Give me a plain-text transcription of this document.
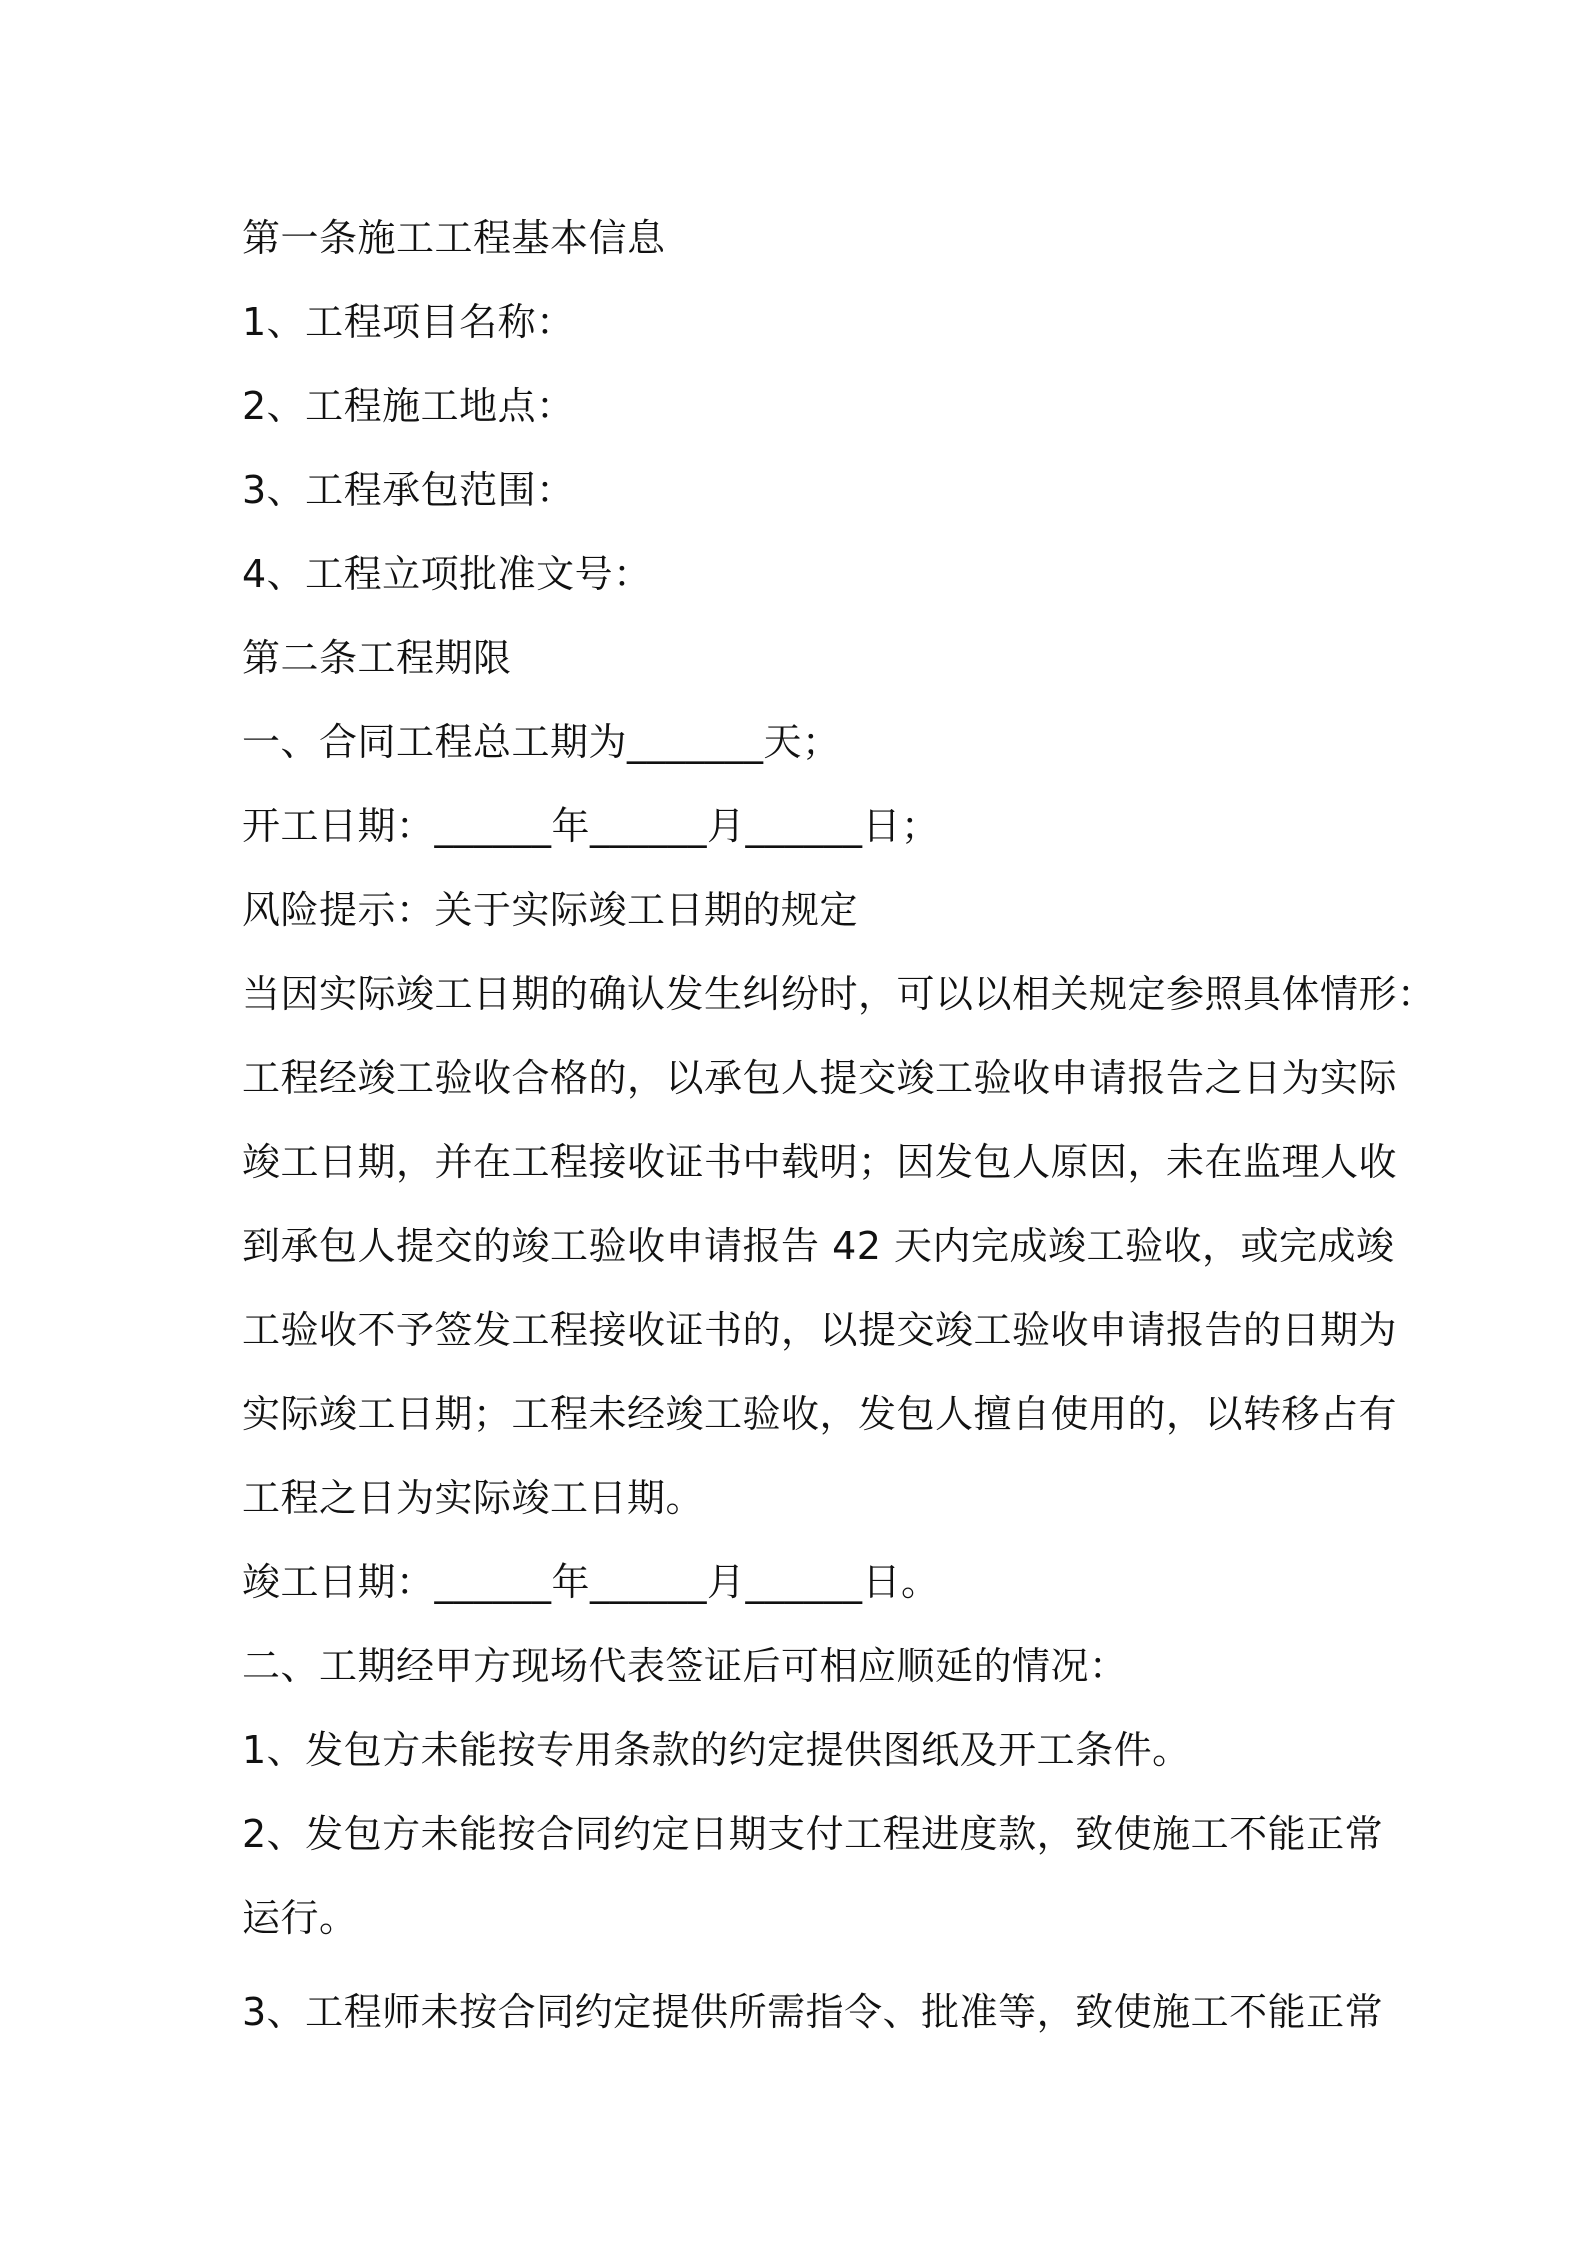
第一条施工工程基本信息
1、工程项目名称：
2、工程施工地点：
3、工程承包范围：
4、工程立项批准文号：
第二条工程期限
一、合同工程总工期为_______天；
开工日期：______年______月______日；
风险提示：关于实际竣工日期的规定
当因实际竣工日期的确认发生纠纷时，可以以相关规定参照具体情形：
工程经竣工验收合格的，以承包人提交竣工验收申请报告之日为实际
竣工日期，并在工程接收证书中载明；因发包人原因，未在监理人收
到承包人提交的竣工验收申请报告 42 天内完成竣工验收，或完成竣
工验收不予签发工程接收证书的，以提交竣工验收申请报告的日期为
实际竣工日期；工程未经竣工验收，发包人擅自使用的，以转移占有
工程之日为实际竣工日期。
竣工日期：______年______月______日。
二、工期经甲方现场代表签证后可相应顺延的情况：
1、发包方未能按专用条款的约定提供图纸及开工条件。
2、发包方未能按合同约定日期支付工程进度款，致使施工不能正常
运行。
3、工程师未按合同约定提供所需指令、批准等，致使施工不能正常
